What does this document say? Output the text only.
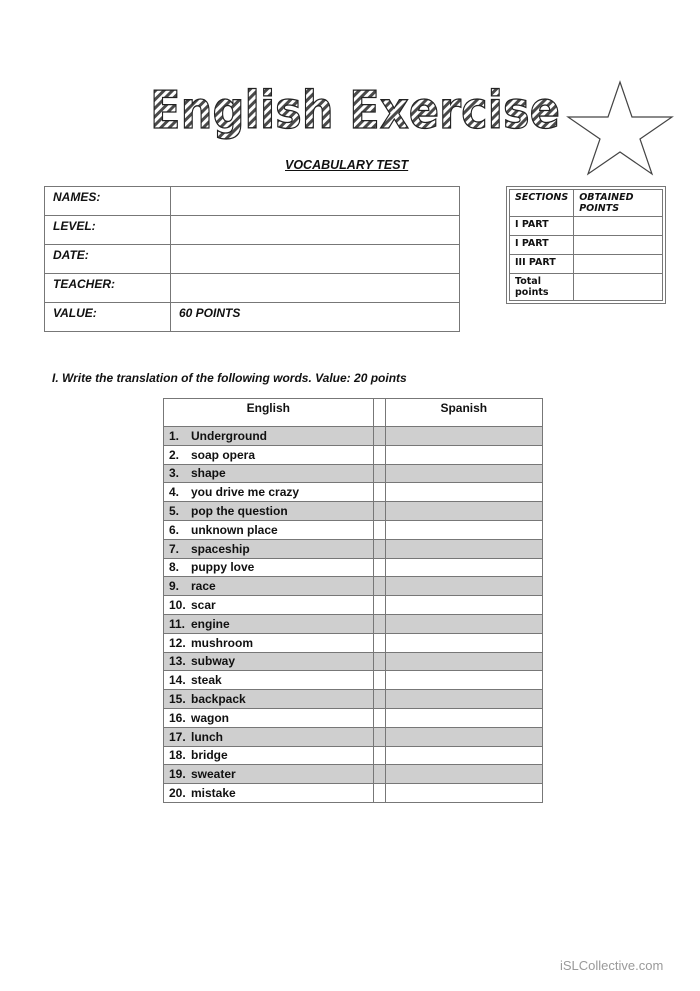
English Exercise
VOCABULARY TEST
NAMES:	
LEVEL:	
DATE:	
TEACHER:	
VALUE:	60 POINTS
SECTIONS	OBTAINED POINTS
I PART	
I PART	
III PART	
Total points	
I. Write the translation of the following words. Value: 20 points
English		Spanish
1. Underground		
2. soap opera		
3. shape		
4. you drive me crazy		
5. pop the question		
6. unknown place		
7. spaceship		
8. puppy love		
9. race		
10. scar		
11. engine		
12. mushroom		
13. subway		
14. steak		
15. backpack		
16. wagon		
17. lunch		
18. bridge		
19. sweater		
20. mistake		
iSLCollective.com
